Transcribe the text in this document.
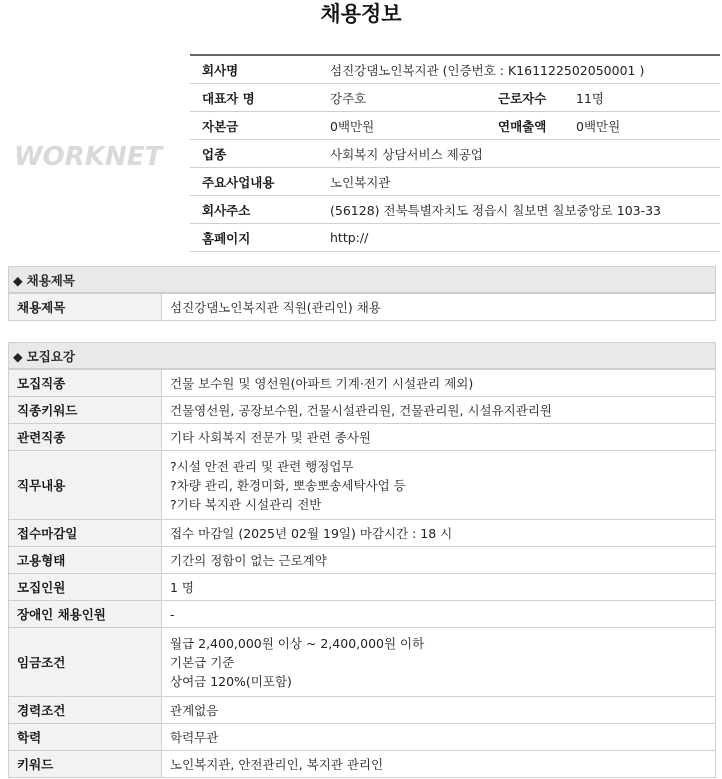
채용정보
WORKNET
회사명	섬진강댐노인복지관 (인증번호 : K161122502050001 )		
대표자 명	강주호	근로자수	11명
자본금	0백만원	연매출액	0백만원
업종	사회복지 상담서비스 제공업		
주요사업내용	노인복지관		
회사주소	(56128) 전북특별자치도 정읍시 칠보면 칠보중앙로 103-33		
홈페이지	http://		
◆ 채용제목
채용제목	섬진강댐노인복지관 직원(관리인) 채용
◆ 모집요강
모집직종	건물 보수원 및 영선원(아파트 기계·전기 시설관리 제외)

직종키워드	건물영선원, 공장보수원, 건물시설관리원, 건물관리원, 시설유지관리원

관련직종	기타 사회복지 전문가 및 관련 종사원

직무내용	?시설 안전 관리 및 관련 행정업무
?차량 관리, 환경미화, 뽀송뽀송세탁사업 등
?기타 복지관 시설관리 전반

접수마감일	접수 마감일 (2025년 02월 19일) 마감시간 : 18 시

고용형태	기간의 정함이 없는 근로계약

모집인원	1 명

장애인 채용인원	-

임금조건	월급 2,400,000원 이상 ~ 2,400,000원 이하
기본급 기준
상여금 120%(미포함)

경력조건	관계없음

학력	학력무관

키워드	노인복지관, 안전관리인, 복지관 관리인
